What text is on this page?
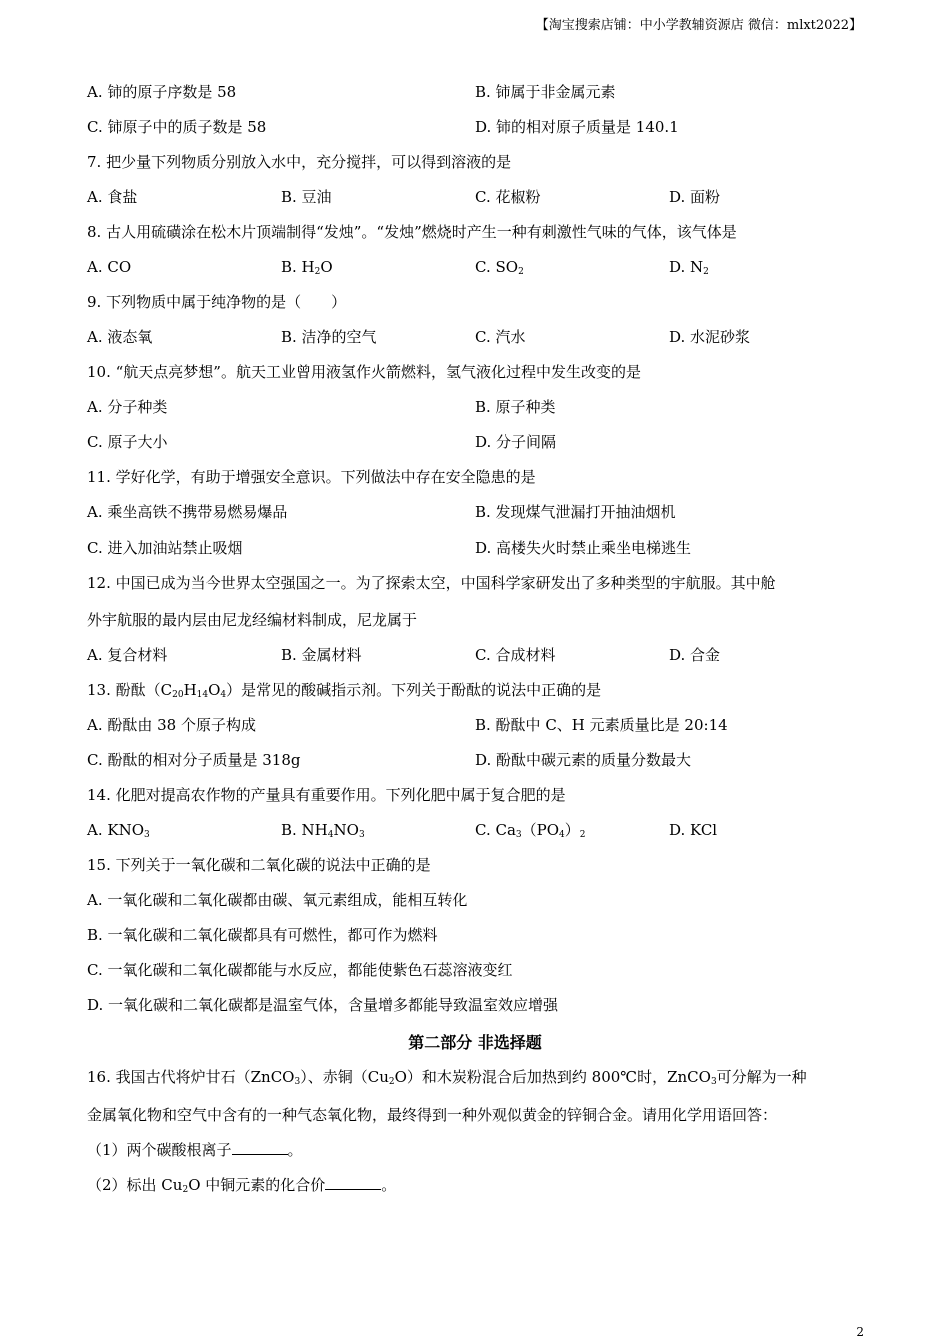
【淘宝搜索店铺：中小学教辅资源店 微信：mlxt2022】
A. 铈的原子序数是 58	B. 铈属于非金属元素
C. 铈原子中的质子数是 58	D. 铈的相对原子质量是 140.1
7. 把少量下列物质分别放入水中，充分搅拌，可以得到溶液的是
A. 食盐	B. 豆油	C. 花椒粉	D. 面粉
8. 古人用硫磺涂在松木片顶端制得“发烛”。“发烛”燃烧时产生一种有刺激性气味的气体，该气体是
A. CO	B. $H_2O$	C. $SO_2$	D. $N_2$
9. 下列物质中属于纯净物的是（　　）
A. 液态氧	B. 洁净的空气	C. 汽水	D. 水泥砂浆
10. “航天点亮梦想”。航天工业曾用液氢作火箭燃料，氢气液化过程中发生改变的是
A. 分子种类	B. 原子种类
C. 原子大小	D. 分子间隔
11. 学好化学，有助于增强安全意识。下列做法中存在安全隐患的是
A. 乘坐高铁不携带易燃易爆品	B. 发现煤气泄漏打开抽油烟机
C. 进入加油站禁止吸烟	D. 高楼失火时禁止乘坐电梯逃生
12. 中国已成为当今世界太空强国之一。为了探索太空，中国科学家研发出了多种类型的宇航服。其中舱
外宇航服的最内层由尼龙经编材料制成，尼龙属于
A. 复合材料	B. 金属材料	C. 合成材料	D. 合金
13. 酚酞$(C_{20}H_{14}O_4)$是常见的酸碱指示剂。下列关于酚酞的说法中正确的是
A. 酚酞由 38 个原子构成	B. 酚酞中 C、H 元素质量比是 20:14
C. 酚酞的相对分子质量是 318g	D. 酚酞中碳元素的质量分数最大
14. 化肥对提高农作物的产量具有重要作用。下列化肥中属于复合肥的是
A. $KNO_3$	B. $NH_4NO_3$	C. $Ca_3(PO_4)_2$	D. KCl
15. 下列关于一氧化碳和二氧化碳的说法中正确的是
A. 一氧化碳和二氧化碳都由碳、氧元素组成，能相互转化
B. 一氧化碳和二氧化碳都具有可燃性，都可作为燃料
C. 一氧化碳和二氧化碳都能与水反应，都能使紫色石蕊溶液变红
D. 一氧化碳和二氧化碳都是温室气体，含量增多都能导致温室效应增强
第二部分 非选择题
16. 我国古代将炉甘石（ZnCO$_3$）、赤铜$(Cu_2O)$和木炭粉混合后加热到约 800℃时，ZnCO$_3$可分解为一种
金属氧化物和空气中含有的一种气态氧化物，最终得到一种外观似黄金的锌铜合金。请用化学用语回答：
（1）两个碳酸根离子	。
（2）标出 $Cu_2O$ 中铜元素的化合价	。
2
